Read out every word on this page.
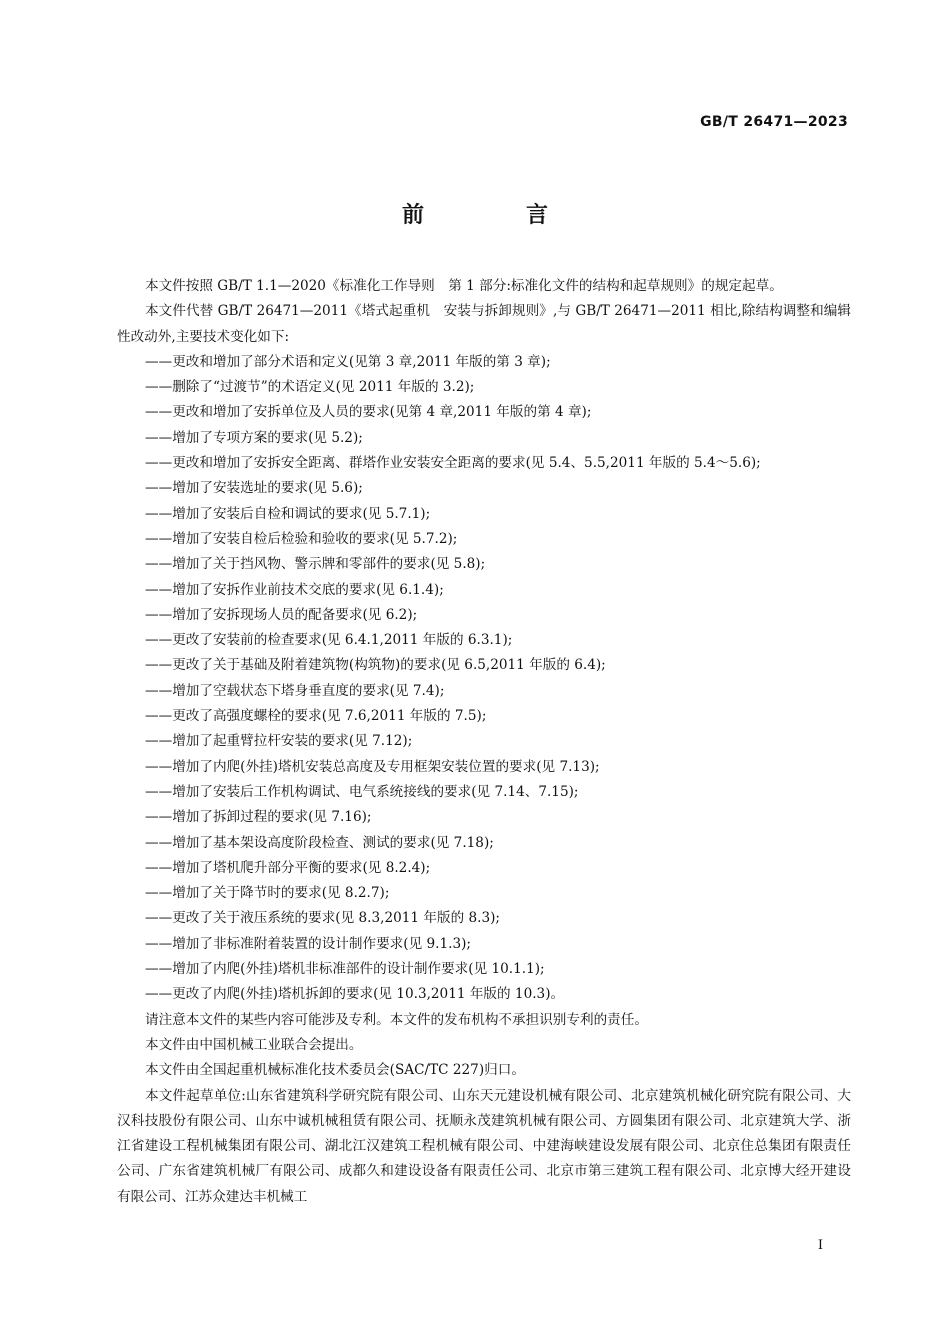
GB/T 26471—2023
前　言

本文件按照 GB/T 1.1—2020《标准化工作导则　第 1 部分:标准化文件的结构和起草规则》的规定起草。

本文件代替 GB/T 26471—2011《塔式起重机　安装与拆卸规则》,与 GB/T 26471—2011 相比,除结构调整和编辑性改动外,主要技术变化如下:

——更改和增加了部分术语和定义(见第 3 章,2011 年版的第 3 章);

——删除了“过渡节”的术语定义(见 2011 年版的 3.2);

——更改和增加了安拆单位及人员的要求(见第 4 章,2011 年版的第 4 章);

——增加了专项方案的要求(见 5.2);

——更改和增加了安拆安全距离、群塔作业安装安全距离的要求(见 5.4、5.5,2011 年版的 5.4～5.6);

——增加了安装选址的要求(见 5.6);

——增加了安装后自检和调试的要求(见 5.7.1);

——增加了安装自检后检验和验收的要求(见 5.7.2);

——增加了关于挡风物、警示牌和零部件的要求(见 5.8);

——增加了安拆作业前技术交底的要求(见 6.1.4);

——增加了安拆现场人员的配备要求(见 6.2);

——更改了安装前的检查要求(见 6.4.1,2011 年版的 6.3.1);

——更改了关于基础及附着建筑物(构筑物)的要求(见 6.5,2011 年版的 6.4);

——增加了空载状态下塔身垂直度的要求(见 7.4);

——更改了高强度螺栓的要求(见 7.6,2011 年版的 7.5);

——增加了起重臂拉杆安装的要求(见 7.12);

——增加了内爬(外挂)塔机安装总高度及专用框架安装位置的要求(见 7.13);

——增加了安装后工作机构调试、电气系统接线的要求(见 7.14、7.15);

——增加了拆卸过程的要求(见 7.16);

——增加了基本架设高度阶段检查、测试的要求(见 7.18);

——增加了塔机爬升部分平衡的要求(见 8.2.4);

——增加了关于降节时的要求(见 8.2.7);

——更改了关于液压系统的要求(见 8.3,2011 年版的 8.3);

——增加了非标准附着装置的设计制作要求(见 9.1.3);

——增加了内爬(外挂)塔机非标准部件的设计制作要求(见 10.1.1);

——更改了内爬(外挂)塔机拆卸的要求(见 10.3,2011 年版的 10.3)。

请注意本文件的某些内容可能涉及专利。本文件的发布机构不承担识别专利的责任。

本文件由中国机械工业联合会提出。

本文件由全国起重机械标准化技术委员会(SAC/TC 227)归口。

本文件起草单位:山东省建筑科学研究院有限公司、山东天元建设机械有限公司、北京建筑机械化研究院有限公司、大汉科技股份有限公司、山东中诚机械租赁有限公司、抚顺永茂建筑机械有限公司、方圆集团有限公司、北京建筑大学、浙江省建设工程机械集团有限公司、湖北江汉建筑工程机械有限公司、中建海峡建设发展有限公司、北京住总集团有限责任公司、广东省建筑机械厂有限公司、成都久和建设设备有限责任公司、北京市第三建筑工程有限公司、北京博大经开建设有限公司、江苏众建达丰机械工

I
